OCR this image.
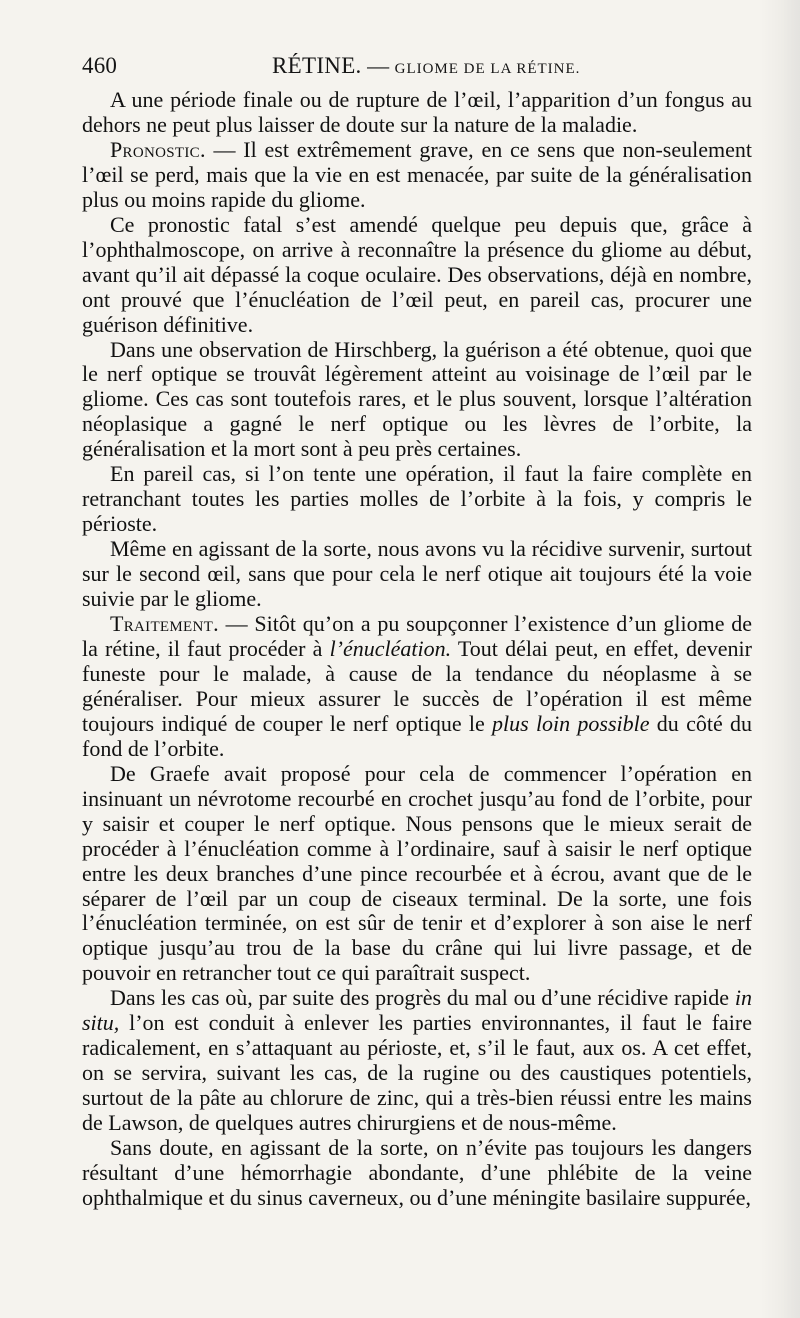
460	RÉTINE. — GLIOME DE LA RÉTINE.

A une période finale ou de rupture de l’œil, l’apparition d’un fongus au dehors ne peut plus laisser de doute sur la nature de la maladie.

Pronostic. — Il est extrêmement grave, en ce sens que non-seulement l’œil se perd, mais que la vie en est menacée, par suite de la généralisation plus ou moins rapide du gliome.

Ce pronostic fatal s’est amendé quelque peu depuis que, grâce à l’ophthalmoscope, on arrive à reconnaître la présence du gliome au début, avant qu’il ait dépassé la coque oculaire. Des observations, déjà en nombre, ont prouvé que l’énucléation de l’œil peut, en pareil cas, procurer une guérison définitive.

Dans une observation de Hirschberg, la guérison a été obtenue, quoi que le nerf optique se trouvât légèrement atteint au voisinage de l’œil par le gliome. Ces cas sont toutefois rares, et le plus souvent, lorsque l’altération néoplasique a gagné le nerf optique ou les lèvres de l’orbite, la généralisation et la mort sont à peu près certaines.

En pareil cas, si l’on tente une opération, il faut la faire complète en retranchant toutes les parties molles de l’orbite à la fois, y compris le périoste.

Même en agissant de la sorte, nous avons vu la récidive survenir, surtout sur le second œil, sans que pour cela le nerf otique ait toujours été la voie suivie par le gliome.

Traitement. — Sitôt qu’on a pu soupçonner l’existence d’un gliome de la rétine, il faut procéder à l’énucléation. Tout délai peut, en effet, devenir funeste pour le malade, à cause de la tendance du néoplasme à se généraliser. Pour mieux assurer le succès de l’opération il est même toujours indiqué de couper le nerf optique le plus loin possible du côté du fond de l’orbite.

De Graefe avait proposé pour cela de commencer l’opération en insinuant un névrotome recourbé en crochet jusqu’au fond de l’orbite, pour y saisir et couper le nerf optique. Nous pensons que le mieux serait de procéder à l’énucléation comme à l’ordinaire, sauf à saisir le nerf optique entre les deux branches d’une pince recourbée et à écrou, avant que de le séparer de l’œil par un coup de ciseaux terminal. De la sorte, une fois l’énucléation terminée, on est sûr de tenir et d’explorer à son aise le nerf optique jusqu’au trou de la base du crâne qui lui livre passage, et de pouvoir en retrancher tout ce qui paraîtrait suspect.

Dans les cas où, par suite des progrès du mal ou d’une récidive rapide in situ, l’on est conduit à enlever les parties environnantes, il faut le faire radicalement, en s’attaquant au périoste, et, s’il le faut, aux os. A cet effet, on se servira, suivant les cas, de la rugine ou des caustiques potentiels, surtout de la pâte au chlorure de zinc, qui a très-bien réussi entre les mains de Lawson, de quelques autres chirurgiens et de nous-même.

Sans doute, en agissant de la sorte, on n’évite pas toujours les dangers résultant d’une hémorrhagie abondante, d’une phlébite de la veine ophthalmique et du sinus caverneux, ou d’une méningite basilaire suppurée,
